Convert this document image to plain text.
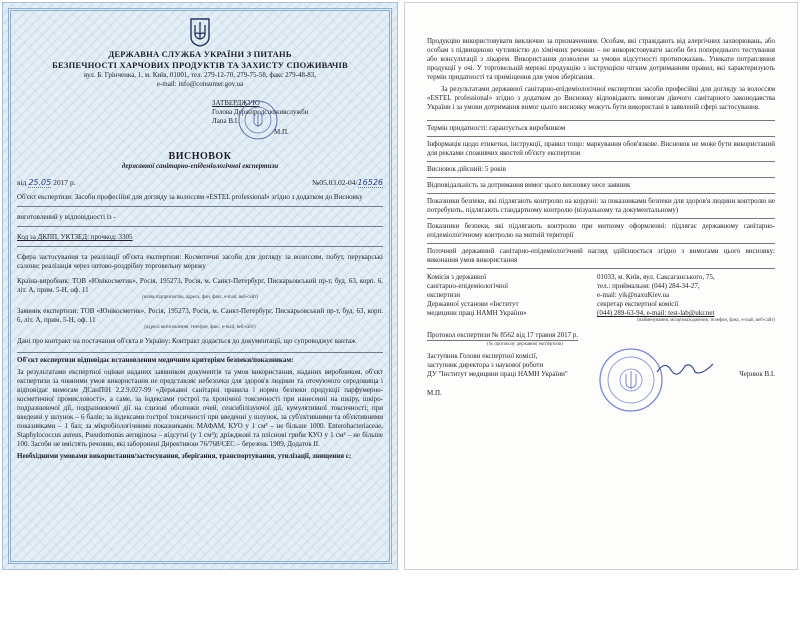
ДЕРЖАВНА СЛУЖБА УКРАЇНИ З ПИТАНЬ
БЕЗПЕЧНОСТІ ХАРЧОВИХ ПРОДУКТІВ ТА ЗАХИСТУ СПОЖИВАЧІВ
вул. Б. Грінченка, 1, м. Київ, 01001, тел. 279-12-70, 279-75-58, факс 279-48-83,
e-mail: info@consumer.gov.ua
ЗАТВЕРДЖУЮ
Голова Держпродспоживслужби
Лапа В.І.
М.П.
ВИСНОВОК
державної санітарно-епідеміологічної експертизи
від 25.05 2017 р.	№05.03.02-04/16526
Об'єкт експертизи: Засоби професійні для догляду за волоссям «ESTEL professional» згідно з додатком до Висновку
виготовлений у відповідності із -
Код за ДКПП, УКТЗЕД: прочкод: 3305
Сфера застосування та реалізації об'єкта експертизи: Косметичні засоби для догляду за волоссям, побут, перукарські салони; реалізація через оптово-роздрібну торговельну мережу
Країна-виробник: ТОВ «Юнікосметик», Росія, 195273, Росія, м. Санкт-Петербург, Пискарьовський пр-т, буд. 63, корп. 6, літ. А, прим. 5-Н, оф. 11
(назва підприємства, адреса, фон, факс, e-mail, веб-сайт)
Заявник експертизи: ТОВ «Юнікосметик», Росія, 195273, Росія, м. Санкт-Петербург, Пискарьовський пр-т, буд. 63, корп. 6, літ. А, прим. 5-Н, оф. 11
(адреса виготовлення, телефон, факс, e-mail, веб-сайт)
Дані про контракт на постачання об'єкта в Україну: Контракт додається до документації, що супроводжує вантаж
Об'єкт експертизи відповідає встановленим медичним критеріям безпеки/показникам:
За результатами експертної оцінки наданих заявником документів та умов використання, наданих виробником, об'єкт експертизи за чинними умов використання не представляє небезпеки для здоров'я людини та оточуючого середовища і відповідає вимогам ДСанПіН 2.2.9.027-99 «Державні санітарні правила і норми безпеки продукції парфумерно-косметичної промисловості», а саме, за індексами гострої та хронічної токсичності при нанесенні на шкіру, шкіро-подразнюючої дії, подразнюючої дії на слизові оболонки очей, сенсибілізуючої дії, кумулятивної токсичності; при введенні у шлунок – 6 балів; за індексами гострої токсичності при введенні у шлунок, за суб'єктивними та об'єктивними показниками – 1 бал; за мікробіологічними показниками: МАФАМ, КУО у 1 см³ – не більше 1000. Enterobacteriaceae, Staphylococcus aureus, Pseudomonas aeruginosa – відсутні (у 1 см³); дріжджові та пліснові гриби КУО у 1 см³ – не більше 100. Засоби не вмістять речовин, які заборонені Директивою 76/768/ЄЕС – березень 1989, Додаток II.
Необхідними умовами використання/застосування, зберігання, транспортування, утилізації, знищення є:
Продукцію використовувати виключно за призначенням. Особам, які страждають від алергічних захворювань, або особам з підвищеною чутливістю до хімічних речовин – не використовувати засоби без попереднього тестування або консультації з лікарем. Використання дозволене за умови відсутності протипоказань. Уникати потрапляння продукції у очі. У торговельній мережі продукцію з інструкцією чітким дотриманням правил, які характеризують термін придатності та приміщення для умов зберігання.
За результатами державної санітарно-епідеміологічної експертизи засоби професійні для догляду за волоссям «ESTEL professional» згідно з додатком до Висновку відповідають вимогам діючого санітарного законодавства України і за умови дотримання вимог цього висновку можуть бути використані в заявленій сфері застосування.
Термін придатності: гарантується виробником
Інформація щодо етикетки, інструкції, правил тощо: маркування обов'язкове. Висновок не може бути використаний для реклами споживчих якостей об'єкту експертизи
Висновок дійсний: 5 років
Відповідальність за дотримання вимог цього висновку несе заявник
Показники безпеки, які підлягають контролю на кордоні: за показниками безпеки для здоров'я людини контролю не потребують, підлягають стандартному контролю (візуальному та документальному)
Показники безпеки, які підлягають контролю при митному оформленні: підлягає державному санітарно-епідеміологічному контролю на митній території
Поточний державний санітарно-епідеміологічний нагляд здійснюється згідно з вимогами цього висновку: виконання умов використання
Комісія з державної
санітарно-епідеміологічної
експертизи
Державної установи «Інститут
медицини праці НАМН України»
01033, м. Київ, вул. Саксаганського, 75,
тел.: приймальня: (044) 284-34-27,
e-mail: yik@naxuKiev.ua
секретар експертної комісії
(044) 289-63-94, e-mail: test-lab@ukr.net
(найменування, місцезнаходження, телефон, факс, e-mail, веб-сайт)
Протокол експертизи № 8562 від 17 травня 2017 р.
(№ протоколу державної експертизи)
Заступник Голови експертної комісії,
заступник директора з наукової роботи
ДУ "Інститут медицини праці НАМН України"
М.П.
Чернюк В.І.
